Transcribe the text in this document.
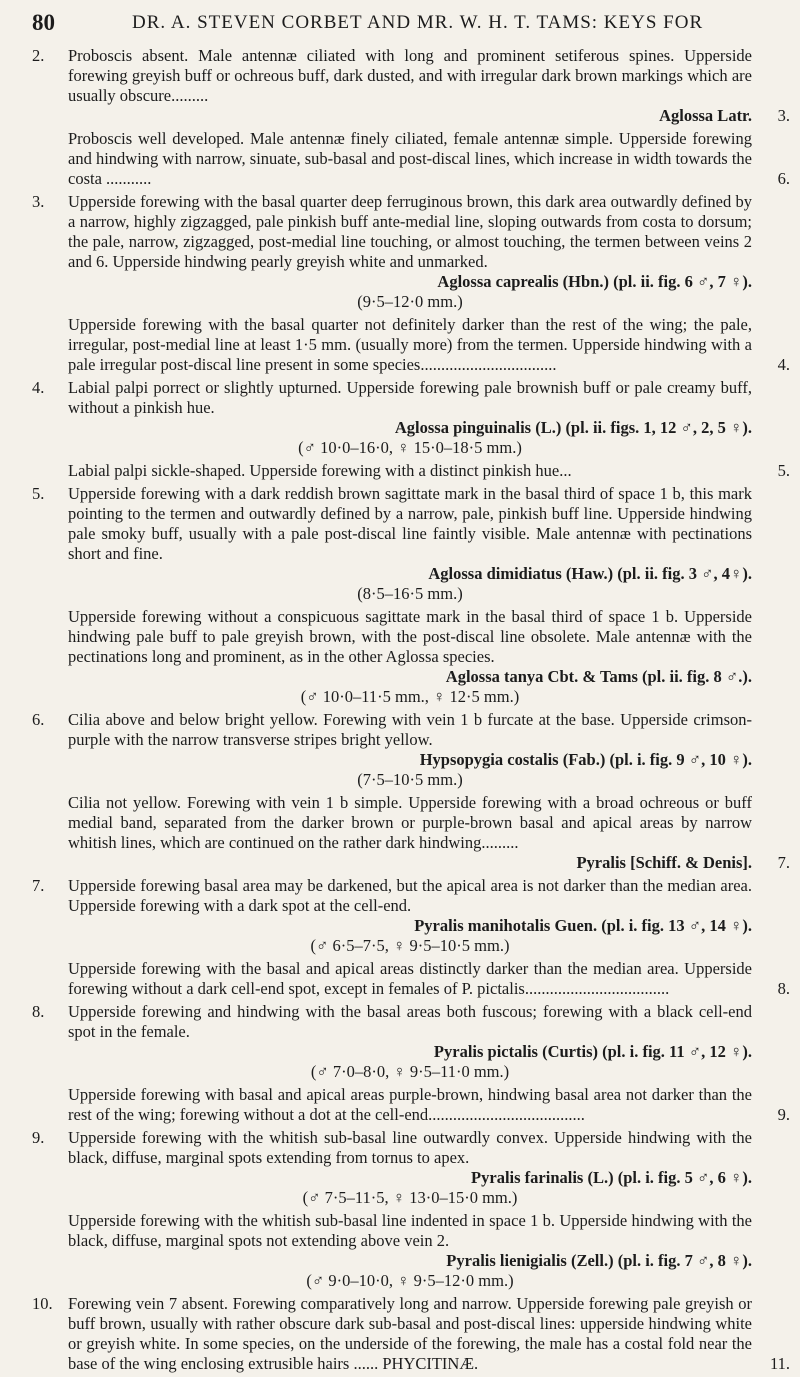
80	DR. A. STEVEN CORBET AND MR. W. H. T. TAMS: KEYS FOR
2. Proboscis absent. Male antennæ ciliated with long and prominent setiferous spines. Upperside forewing greyish buff or ochreous buff, dark dusted, and with irregular dark brown markings which are usually obscure.........
Aglossa Latr. 3.
Proboscis well developed. Male antennæ finely ciliated, female antennæ simple. Upperside forewing and hindwing with narrow, sinuate, sub-basal and post-discal lines, which increase in width towards the costa ...........	6.
3. Upperside forewing with the basal quarter deep ferruginous brown, this dark area outwardly defined by a narrow, highly zigzagged, pale pinkish buff ante-medial line, sloping outwards from costa to dorsum; the pale, narrow, zigzagged, post-medial line touching, or almost touching, the termen between veins 2 and 6. Upperside hindwing pearly greyish white and unmarked.
Aglossa caprealis (Hbn.) (pl. ii. fig. 6 ♂, 7 ♀).
(9·5–12·0 mm.)
Upperside forewing with the basal quarter not definitely darker than the rest of the wing; the pale, irregular, post-medial line at least 1·5 mm. (usually more) from the termen. Upperside hindwing with a pale irregular post-discal line present in some species.................................	4.
4. Labial palpi porrect or slightly upturned. Upperside forewing pale brownish buff or pale creamy buff, without a pinkish hue.
Aglossa pinguinalis (L.) (pl. ii. figs. 1, 12 ♂, 2, 5 ♀).
(♂ 10·0–16·0, ♀ 15·0–18·5 mm.)
Labial palpi sickle-shaped. Upperside forewing with a distinct pinkish hue...	5.
5. Upperside forewing with a dark reddish brown sagittate mark in the basal third of space 1 b, this mark pointing to the termen and outwardly defined by a narrow, pale, pinkish buff line. Upperside hindwing pale smoky buff, usually with a pale post-discal line faintly visible. Male antennæ with pectinations short and fine.
Aglossa dimidiatus (Haw.) (pl. ii. fig. 3 ♂, 4♀).
(8·5–16·5 mm.)
Upperside forewing without a conspicuous sagittate mark in the basal third of space 1 b. Upperside hindwing pale buff to pale greyish brown, with the post-discal line obsolete. Male antennæ with the pectinations long and prominent, as in the other Aglossa species.
Aglossa tanya Cbt. & Tams (pl. ii. fig. 8 ♂.).
(♂ 10·0–11·5 mm., ♀ 12·5 mm.)
6. Cilia above and below bright yellow. Forewing with vein 1 b furcate at the base. Upperside crimson-purple with the narrow transverse stripes bright yellow.
Hypsopygia costalis (Fab.) (pl. i. fig. 9 ♂, 10 ♀).
(7·5–10·5 mm.)
Cilia not yellow. Forewing with vein 1 b simple. Upperside forewing with a broad ochreous or buff medial band, separated from the darker brown or purple-brown basal and apical areas by narrow whitish lines, which are continued on the rather dark hindwing.........
Pyralis [Schiff. & Denis]. 7.
7. Upperside forewing basal area may be darkened, but the apical area is not darker than the median area. Upperside forewing with a dark spot at the cell-end.
Pyralis manihotalis Guen. (pl. i. fig. 13 ♂, 14 ♀).
(♂ 6·5–7·5, ♀ 9·5–10·5 mm.)
Upperside forewing with the basal and apical areas distinctly darker than the median area. Upperside forewing without a dark cell-end spot, except in females of P. pictalis...................................	8.
8. Upperside forewing and hindwing with the basal areas both fuscous; forewing with a black cell-end spot in the female.
Pyralis pictalis (Curtis) (pl. i. fig. 11 ♂, 12 ♀).
(♂ 7·0–8·0, ♀ 9·5–11·0 mm.)
Upperside forewing with basal and apical areas purple-brown, hindwing basal area not darker than the rest of the wing; forewing without a dot at the cell-end......................................	9.
9. Upperside forewing with the whitish sub-basal line outwardly convex. Upperside hindwing with the black, diffuse, marginal spots extending from tornus to apex.
Pyralis farinalis (L.) (pl. i. fig. 5 ♂, 6 ♀).
(♂ 7·5–11·5, ♀ 13·0–15·0 mm.)
Upperside forewing with the whitish sub-basal line indented in space 1 b. Upperside hindwing with the black, diffuse, marginal spots not extending above vein 2.
Pyralis lienigialis (Zell.) (pl. i. fig. 7 ♂, 8 ♀).
(♂ 9·0–10·0, ♀ 9·5–12·0 mm.)
10. Forewing vein 7 absent. Forewing comparatively long and narrow. Upperside forewing pale greyish or buff brown, usually with rather obscure dark sub-basal and post-discal lines: upperside hindwing white or greyish white. In some species, on the underside of the forewing, the male has a costal fold near the base of the wing enclosing extrusible hairs ...... PHYCITINÆ.	11.
